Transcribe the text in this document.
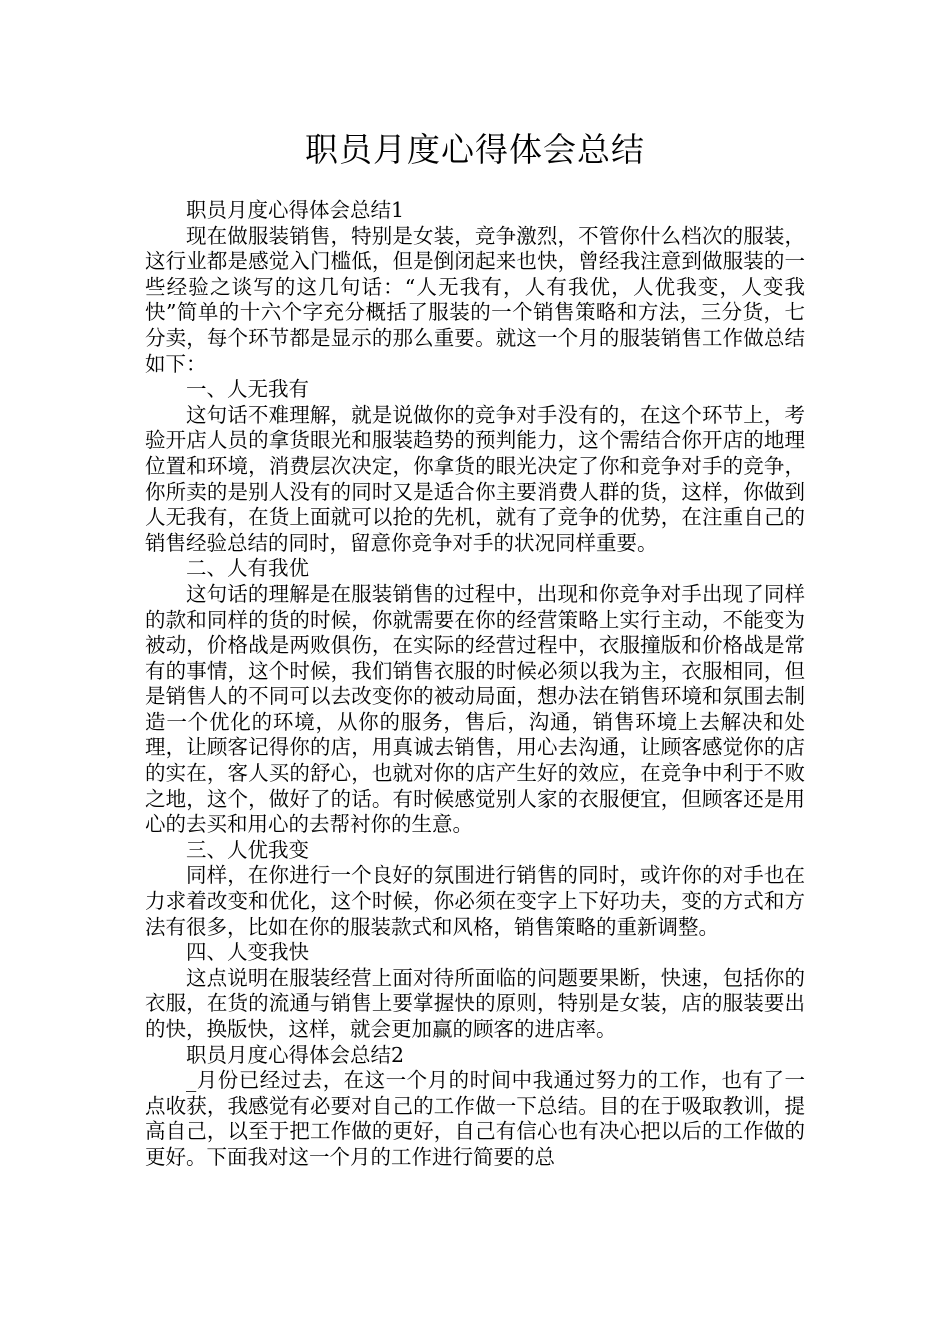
职员月度心得体会总结

职员月度心得体会总结1

现在做服装销售，特别是女装，竞争激烈，不管你什么档次的服装，这行业都是感觉入门槛低，但是倒闭起来也快，曾经我注意到做服装的一些经验之谈写的这几句话：“人无我有，人有我优，人优我变，人变我快”简单的十六个字充分概括了服装的一个销售策略和方法，三分货，七分卖，每个环节都是显示的那么重要。就这一个月的服装销售工作做总结如下：

一、人无我有

这句话不难理解，就是说做你的竞争对手没有的，在这个环节上，考验开店人员的拿货眼光和服装趋势的预判能力，这个需结合你开店的地理位置和环境，消费层次决定，你拿货的眼光决定了你和竞争对手的竞争，你所卖的是别人没有的同时又是适合你主要消费人群的货，这样，你做到人无我有，在货上面就可以抢的先机，就有了竞争的优势，在注重自己的销售经验总结的同时，留意你竞争对手的状况同样重要。

二、人有我优

这句话的理解是在服装销售的过程中，出现和你竞争对手出现了同样的款和同样的货的时候，你就需要在你的经营策略上实行主动，不能变为被动，价格战是两败俱伤，在实际的经营过程中，衣服撞版和价格战是常有的事情，这个时候，我们销售衣服的时候必须以我为主，衣服相同，但是销售人的不同可以去改变你的被动局面，想办法在销售环境和氛围去制造一个优化的环境，从你的服务，售后，沟通，销售环境上去解决和处理，让顾客记得你的店，用真诚去销售，用心去沟通，让顾客感觉你的店的实在，客人买的舒心，也就对你的店产生好的效应，在竞争中利于不败之地，这个，做好了的话。有时候感觉别人家的衣服便宜，但顾客还是用心的去买和用心的去帮衬你的生意。

三、人优我变

同样，在你进行一个良好的氛围进行销售的同时，或许你的对手也在力求着改变和优化，这个时候，你必须在变字上下好功夫，变的方式和方法有很多，比如在你的服装款式和风格，销售策略的重新调整。

四、人变我快

这点说明在服装经营上面对待所面临的问题要果断，快速，包括你的衣服，在货的流通与销售上要掌握快的原则，特别是女装，店的服装要出的快，换版快，这样，就会更加赢的顾客的进店率。

职员月度心得体会总结2

_月份已经过去，在这一个月的时间中我通过努力的工作，也有了一点收获，我感觉有必要对自己的工作做一下总结。目的在于吸取教训，提高自己，以至于把工作做的更好，自己有信心也有决心把以后的工作做的更好。下面我对这一个月的工作进行简要的总
